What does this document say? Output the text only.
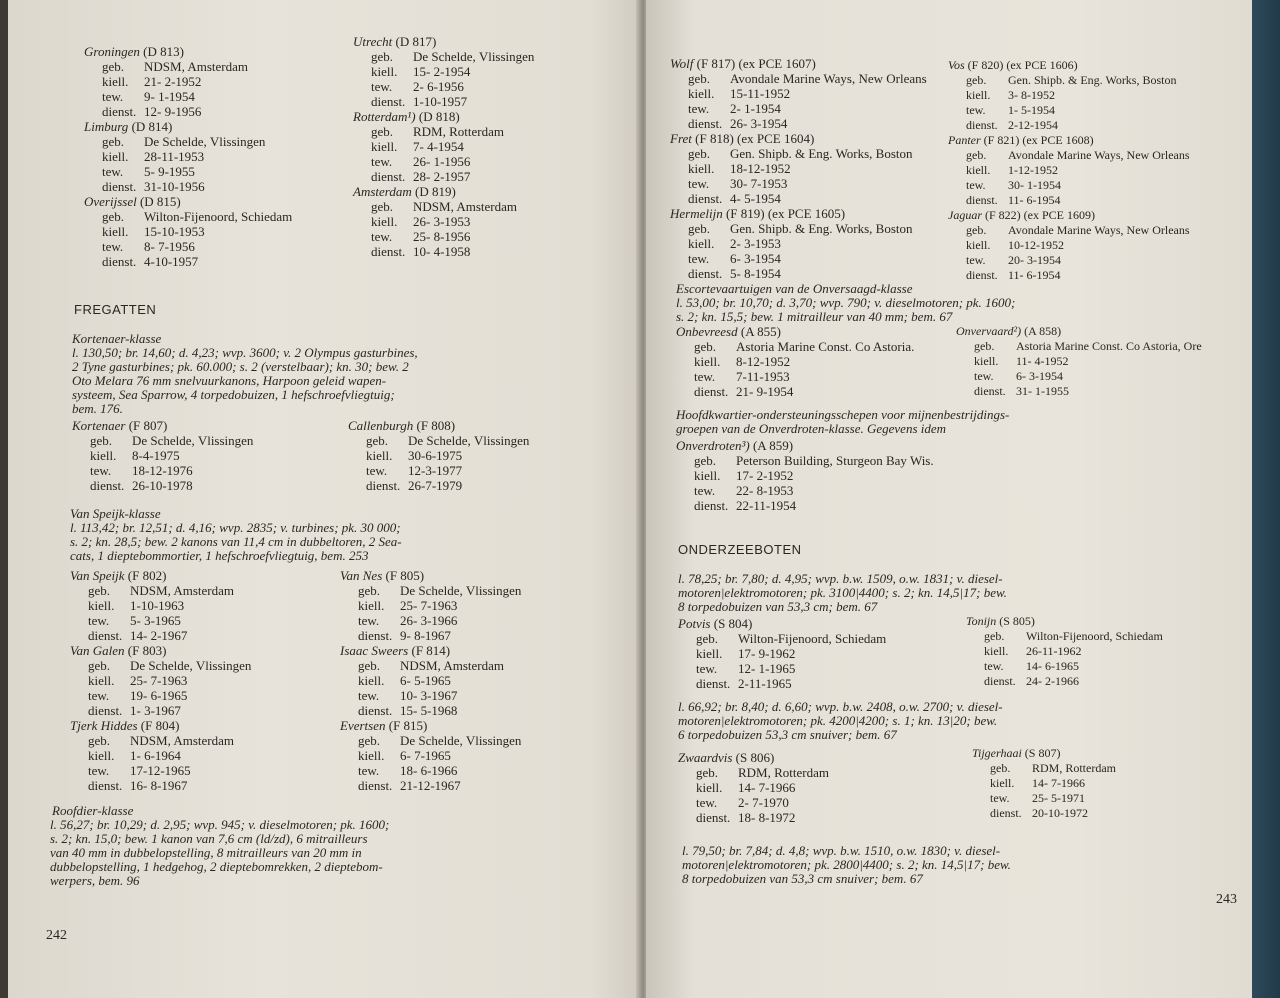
Groningen (D 813)
geb.	NDSM, Amsterdam
kiell.	21- 2-1952
tew.	9- 1-1954
dienst. 12- 9-1956
Limburg (D 814)
geb.	De Schelde, Vlissingen
kiell.	28-11-1953
tew.	5- 9-1955
dienst. 31-10-1956
Overijssel (D 815)
geb.	Wilton-Fijenoord, Schiedam
kiell.	15-10-1953
tew.	8- 7-1956
dienst. 4-10-1957
Utrecht (D 817)
geb.	De Schelde, Vlissingen
kiell.	15- 2-1954
tew.	2- 6-1956
dienst. 1-10-1957
Rotterdam¹) (D 818)
geb.	RDM, Rotterdam
kiell.	7- 4-1954
tew.	26- 1-1956
dienst. 28- 2-1957
Amsterdam (D 819)
geb.	NDSM, Amsterdam
kiell.	26- 3-1953
tew.	25- 8-1956
dienst. 10- 4-1958
FREGATTEN
Kortenaer-klasse
l. 130,50; br. 14,60; d. 4,23; wvp. 3600; v. 2 Olympus gasturbines,
2 Tyne gasturbines; pk. 60.000; s. 2 (verstelbaar); kn. 30; bew. 2
Oto Melara 76 mm snelvuurkanons, Harpoon geleid wapen-
systeem, Sea Sparrow, 4 torpedobuizen, 1 hefschroefvliegtuig;
bem. 176.
Kortenaer (F 807)
geb.	De Schelde, Vlissingen
kiell.	8-4-1975
tew.	18-12-1976
dienst. 26-10-1978
Callenburgh (F 808)
geb.	De Schelde, Vlissingen
kiell.	30-6-1975
tew.	12-3-1977
dienst. 26-7-1979
Van Speijk-klasse
l. 113,42; br. 12,51; d. 4,16; wvp. 2835; v. turbines; pk. 30 000;
s. 2; kn. 28,5; bew. 2 kanons van 11,4 cm in dubbeltoren, 2 Sea-
cats, 1 dieptebommortier, 1 hefschroefvliegtuig, bem. 253
Van Speijk (F 802)
geb.	NDSM, Amsterdam
kiell.	1-10-1963
tew.	5- 3-1965
dienst. 14- 2-1967
Van Galen (F 803)
geb.	De Schelde, Vlissingen
kiell.	25- 7-1963
tew.	19- 6-1965
dienst. 1- 3-1967
Tjerk Hiddes (F 804)
geb.	NDSM, Amsterdam
kiell.	1- 6-1964
tew.	17-12-1965
dienst. 16- 8-1967
Van Nes (F 805)
geb.	De Schelde, Vlissingen
kiell.	25- 7-1963
tew.	26- 3-1966
dienst. 9- 8-1967
Isaac Sweers (F 814)
geb.	NDSM, Amsterdam
kiell.	6- 5-1965
tew.	10- 3-1967
dienst. 15- 5-1968
Evertsen (F 815)
geb.	De Schelde, Vlissingen
kiell.	6- 7-1965
tew.	18- 6-1966
dienst. 21-12-1967
Roofdier-klasse
l. 56,27; br. 10,29; d. 2,95; wvp. 945; v. dieselmotoren; pk. 1600;
s. 2; kn. 15,0; bew. 1 kanon van 7,6 cm (ld/zd), 6 mitrailleurs
van 40 mm in dubbelopstelling, 8 mitrailleurs van 20 mm in
dubbelopstelling, 1 hedgehog, 2 dieptebomrekken, 2 dieptebom-
werpers, bem. 96
242
Wolf (F 817) (ex PCE 1607)
geb.	Avondale Marine Ways, New Orleans
kiell.	15-11-1952
tew.	2- 1-1954
dienst. 26- 3-1954
Fret (F 818) (ex PCE 1604)
geb.	Gen. Shipb. & Eng. Works, Boston
kiell.	18-12-1952
tew.	30- 7-1953
dienst. 4- 5-1954
Hermelijn (F 819) (ex PCE 1605)
geb.	Gen. Shipb. & Eng. Works, Boston
kiell.	2- 3-1953
tew.	6- 3-1954
dienst. 5- 8-1954
Vos (F 820) (ex PCE 1606)
geb.	Gen. Shipb. & Eng. Works, Boston
kiell.	3- 8-1952
tew.	1- 5-1954
dienst. 2-12-1954
Panter (F 821) (ex PCE 1608)
geb.	Avondale Marine Ways, New Orleans
kiell.	1-12-1952
tew.	30- 1-1954
dienst. 11- 6-1954
Jaguar (F 822) (ex PCE 1609)
geb.	Avondale Marine Ways, New Orleans
kiell.	10-12-1952
tew.	20- 3-1954
dienst. 11- 6-1954
Escortevaartuigen van de Onversaagd-klasse
l. 53,00; br. 10,70; d. 3,70; wvp. 790; v. dieselmotoren; pk. 1600;
s. 2; kn. 15,5; bew. 1 mitrailleur van 40 mm; bem. 67
Onbevreesd (A 855)
geb.	Astoria Marine Const. Co Astoria.
kiell.	8-12-1952
tew.	7-11-1953
dienst. 21- 9-1954
Onvervaard²) (A 858)
geb.	Astoria Marine Const. Co Astoria, Ore
kiell.	11- 4-1952
tew.	6- 3-1954
dienst. 31- 1-1955
Hoofdkwartier-ondersteuningsschepen voor mijnenbestrijdings-
groepen van de Onverdroten-klasse. Gegevens idem
Onverdroten³) (A 859)
geb.	Peterson Building, Sturgeon Bay Wis.
kiell.	17- 2-1952
tew.	22- 8-1953
dienst. 22-11-1954
ONDERZEEBOTEN
l. 78,25; br. 7,80; d. 4,95; wvp. b.w. 1509, o.w. 1831; v. diesel-
motoren|elektromotoren; pk. 3100|4400; s. 2; kn. 14,5|17; bew.
8 torpedobuizen van 53,3 cm; bem. 67
Potvis (S 804)
geb.	Wilton-Fijenoord, Schiedam
kiell.	17- 9-1962
tew.	12- 1-1965
dienst. 2-11-1965
Tonijn (S 805)
geb.	Wilton-Fijenoord, Schiedam
kiell.	26-11-1962
tew.	14- 6-1965
dienst. 24- 2-1966
l. 66,92; br. 8,40; d. 6,60; wvp. b.w. 2408, o.w. 2700; v. diesel-
motoren|elektromotoren; pk. 4200|4200; s. 1; kn. 13|20; bew.
6 torpedobuizen 53,3 cm snuiver; bem. 67
Zwaardvis (S 806)
geb.	RDM, Rotterdam
kiell.	14- 7-1966
tew.	2- 7-1970
dienst. 18- 8-1972
Tijgerhaai (S 807)
geb.	RDM, Rotterdam
kiell.	14- 7-1966
tew.	25- 5-1971
dienst. 20-10-1972
l. 79,50; br. 7,84; d. 4,8; wvp. b.w. 1510, o.w. 1830; v. diesel-
motoren|elektromotoren; pk. 2800|4400; s. 2; kn. 14,5|17; bew.
8 torpedobuizen van 53,3 cm snuiver; bem. 67
243
